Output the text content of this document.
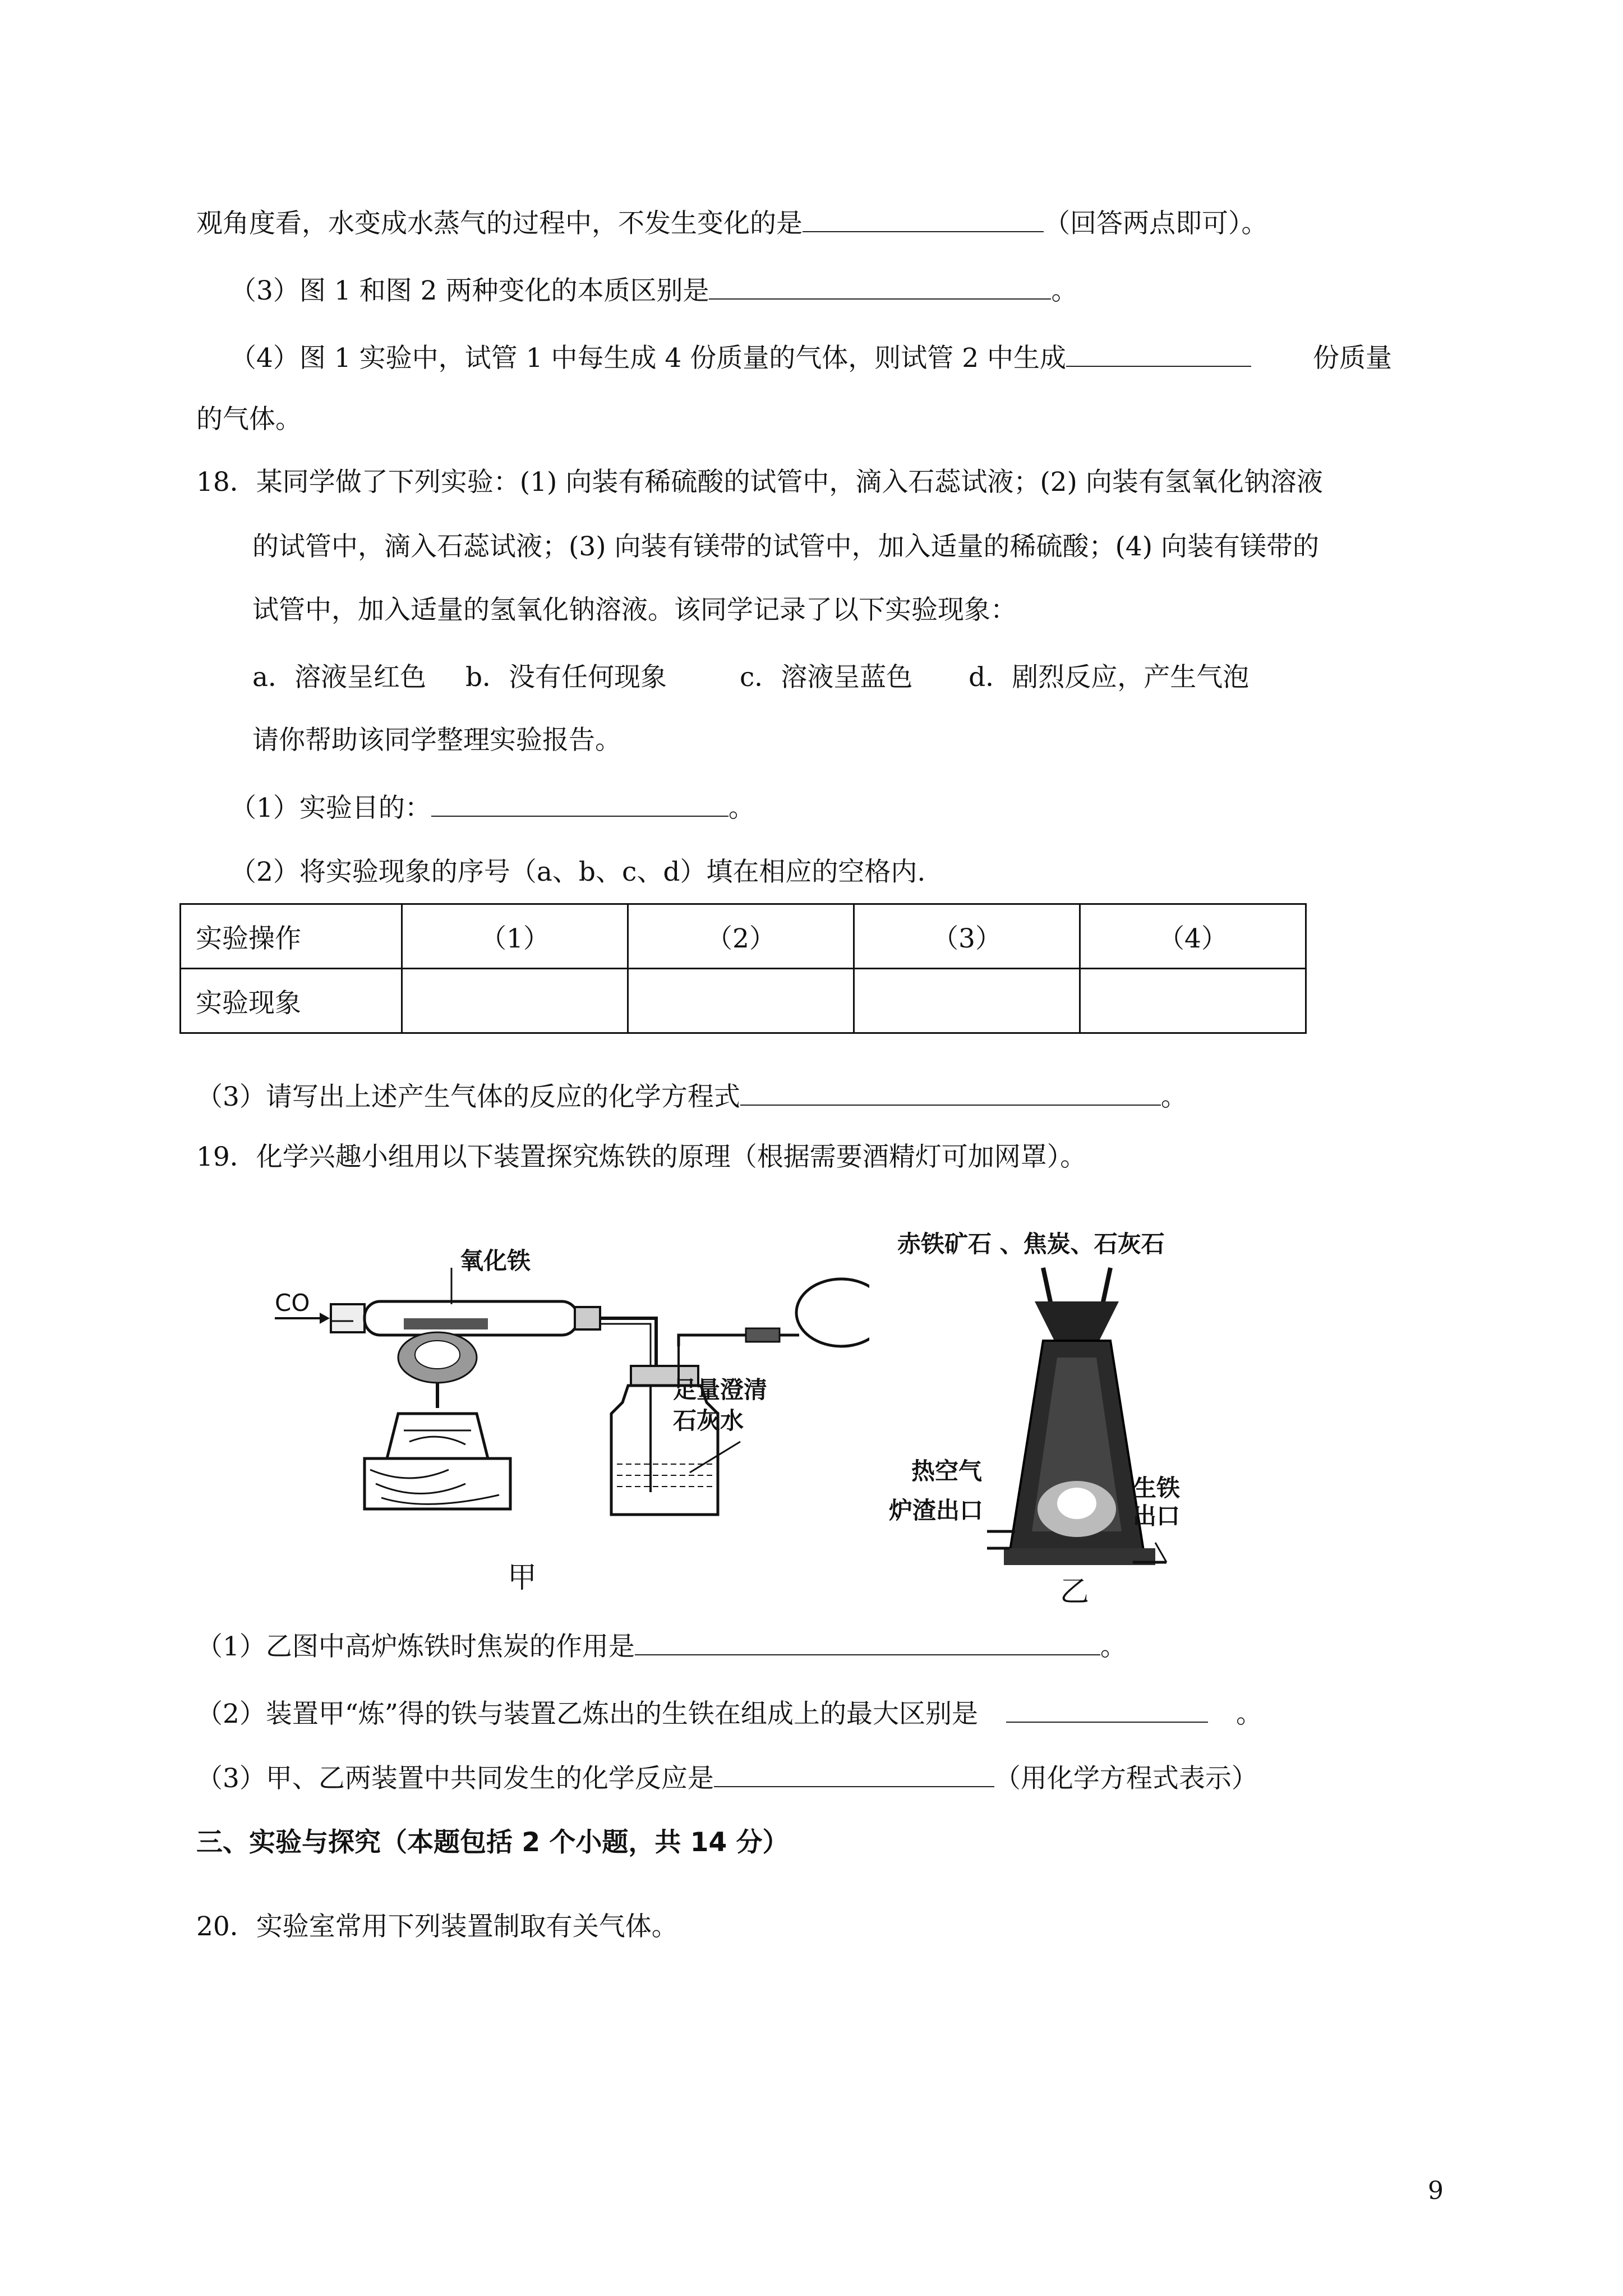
观角度看，水变成水蒸气的过程中，不发生变化的是	（回答两点即可）。
（3）图 1 和图 2 两种变化的本质区别是	。
（4）图 1 实验中，试管 1 中每生成 4 份质量的气体，则试管 2 中生成	份质量
的气体。
18．某同学做了下列实验：(1) 向装有稀硫酸的试管中，滴入石蕊试液；(2) 向装有氢氧化钠溶液
的试管中，滴入石蕊试液；(3) 向装有镁带的试管中，加入适量的稀硫酸；(4) 向装有镁带的
试管中，加入适量的氢氧化钠溶液。该同学记录了以下实验现象：
a．溶液呈红色 b．没有任何现象	c．溶液呈蓝色 d．剧烈反应，产生气泡
请你帮助该同学整理实验报告。
（1）实验目的：	。
（2）将实验现象的序号（a、b、c、d）填在相应的空格内.
实验操作	（1）	（2）	（3）	（4）
实验现象				
（3）请写出上述产生气体的反应的化学方程式	。
19．化学兴趣小组用以下装置探究炼铁的原理（根据需要酒精灯可加网罩）。
CO
氧化铁
足量澄清
石灰水
甲
赤铁矿石 、焦炭、石灰石
热空气
炉渣出口
生铁
出口
乙
（1）乙图中高炉炼铁时焦炭的作用是	。
（2）装置甲“炼”得的铁与装置乙炼出的生铁在组成上的最大区别是	。
（3）甲、乙两装置中共同发生的化学反应是	（用化学方程式表示）
三、实验与探究（本题包括 2 个小题，共 14 分）
20．实验室常用下列装置制取有关气体。
9
